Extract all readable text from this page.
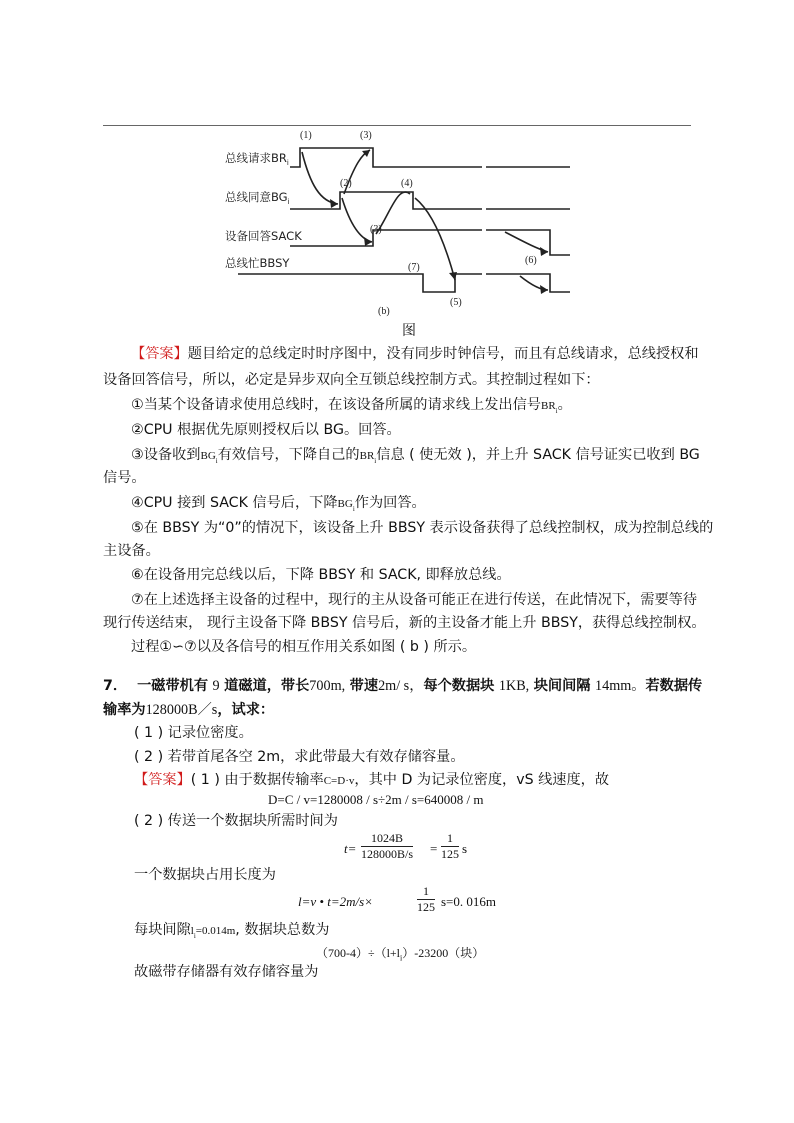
(1)	(3)
(2)	(4)
(3)
(7)
(6)
(5)
(b)
总线请求$BR_i$
总线同意$BG_i$
设备回答SACK
总线忙BBSY
图
【答案】题目给定的总线定时时序图中，没有同步时钟信号，而且有总线请求，总线授权和
设备回答信号，所以，必定是异步双向全互锁总线控制方式。其控制过程如下：
①当某个设备请求使用总线时，在该设备所属的请求线上发出信号$BR_i$。
②CPU 根据优先原则授权后以 BG。回答。
③设备收到$BG_i$有效信号，下降自己的$BR_i$信息 ( 使无效 )，并上升 SACK 信号证实已收到 BG
信号。
④CPU 接到 SACK 信号后，下降$BG_i$作为回答。
⑤在 BBSY 为“0”的情况下，该设备上升 BBSY 表示设备获得了总线控制权，成为控制总线的
主设备。
⑥在设备用完总线以后，下降 BBSY 和 SACK, 即释放总线。
⑦在上述选择主设备的过程中，现行的主从设备可能正在进行传送，在此情况下，需要等待
现行传送结束， 现行主设备下降 BBSY 信号后，新的主设备才能上升 BBSY，获得总线控制权。
过程①∽⑦以及各信号的相互作用关系如图 ( b ) 所示。
7． 一磁带机有 9 道磁道，带长700m, 带速2m/ s，每个数据块 1KB, 块间间隔 14mm。若数据传
输率为128000B／s，试求：
( 1 ) 记录位密度。
( 2 ) 若带首尾各空 2m，求此带最大有效存储容量。
【答案】( 1 ) 由于数据传输率C=D·v，其中 D 为记录位密度，vS 线速度，故
D=C / v=1280008 / s÷2m / s=640008 / m
( 2 ) 传送一个数据块所需时间为
$t= \frac{1024B}{128000B/s} = \frac{1}{125}$ s
一个数据块占用长度为
l=v • t=2m/s×	$\frac{1}{125} s=0$. 016m
每块间隙$l_i=0.014m$, 数据块总数为
$(700-4)\div(l+l_i)-23200$（块）
故磁带存储器有效存储容量为
